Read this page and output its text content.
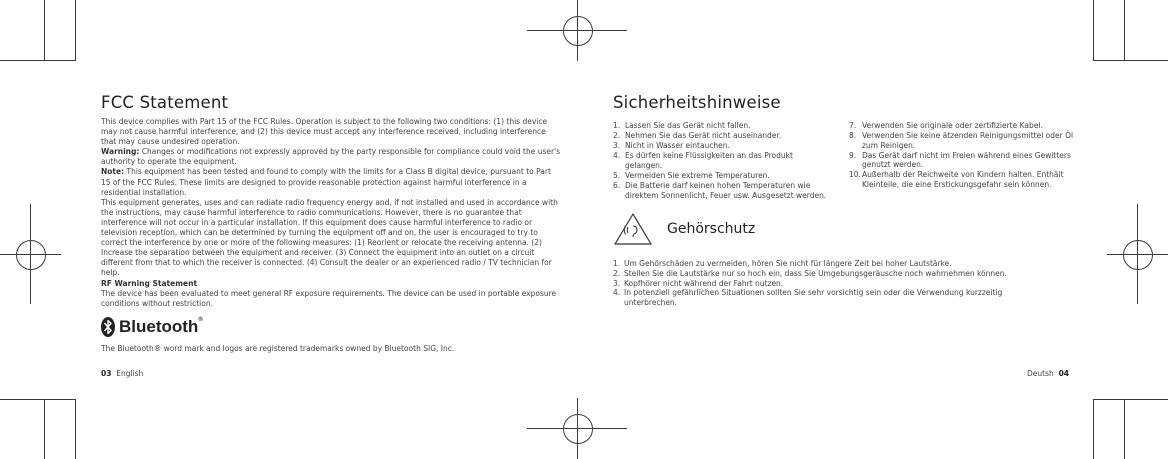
FCC Statement

This device complies with Part 15 of the FCC Rules. Operation is subject to the following two conditions: (1) this device may not cause harmful interference, and (2) this device must accept any interference received, including interference that may cause undesired operation.

Warning: Changes or modifications not expressly approved by the party responsible for compliance could void the user's authority to operate the equipment.

Note: This equipment has been tested and found to comply with the limits for a Class B digital device, pursuant to Part 15 of the FCC Rules. These limits are designed to provide reasonable protection against harmful interference in a residential installation.

This equipment generates, uses and can radiate radio frequency energy and, if not installed and used in accordance with the instructions, may cause harmful interference to radio communications. However, there is no guarantee that interference will not occur in a particular installation. If this equipment does cause harmful interference to radio or television reception, which can be determined by turning the equipment off and on, the user is encouraged to try to correct the interference by one or more of the following measures: (1) Reorient or relocate the receiving antenna. (2) Increase the separation between the equipment and receiver. (3) Connect the equipment into an outlet on a circuit different from that to which the receiver is connected. (4) Consult the dealer or an experienced radio / TV technician for help.

RF Warning Statement

The device has been evaluated to meet general RF exposure requirements. The device can be used in portable exposure conditions without restriction.

Bluetooth®
The Bluetooth® word mark and logos are registered trademarks owned by Bluetooth SIG, Inc.
03 English
Sicherheitshinweise
1. Lassen Sie das Gerät nicht fallen.
2. Nehmen Sie das Gerät nicht auseinander.
3. Nicht in Wasser eintauchen.
4. Es dürfen keine Flüssigkeiten an das Produkt gelangen.
5. Vermeiden Sie extreme Temperaturen.
6. Die Batterie darf keinen hohen Temperaturen wie direktem Sonnenlicht, Feuer usw. Ausgesetzt werden.
7. Verwenden Sie originale oder zertifizierte Kabel.
8. Verwenden Sie keine ätzenden Reinigungsmittel oder Öl zum Reinigen.
9. Das Gerät darf nicht im Freien während eines Gewitters genutzt werden.
10. Außerhalb der Reichweite von Kindern halten. Enthält Kleinteile, die eine Erstickungsgefahr sein können.
Gehörschutz
1. Um Gehörschäden zu vermeiden, hören Sie nicht für längere Zeit bei hoher Lautstärke.
2. Stellen Sie die Lautstärke nur so hoch ein, dass Sie Umgebungsgeräusche noch wahrnehmen können.
3. Kopfhörer nicht während der Fahrt nutzen.
4. In potenziell gefährlichen Situationen sollten Sie sehr vorsichtig sein oder die Verwendung kurzzeitig unterbrechen.
Deutsh 04
